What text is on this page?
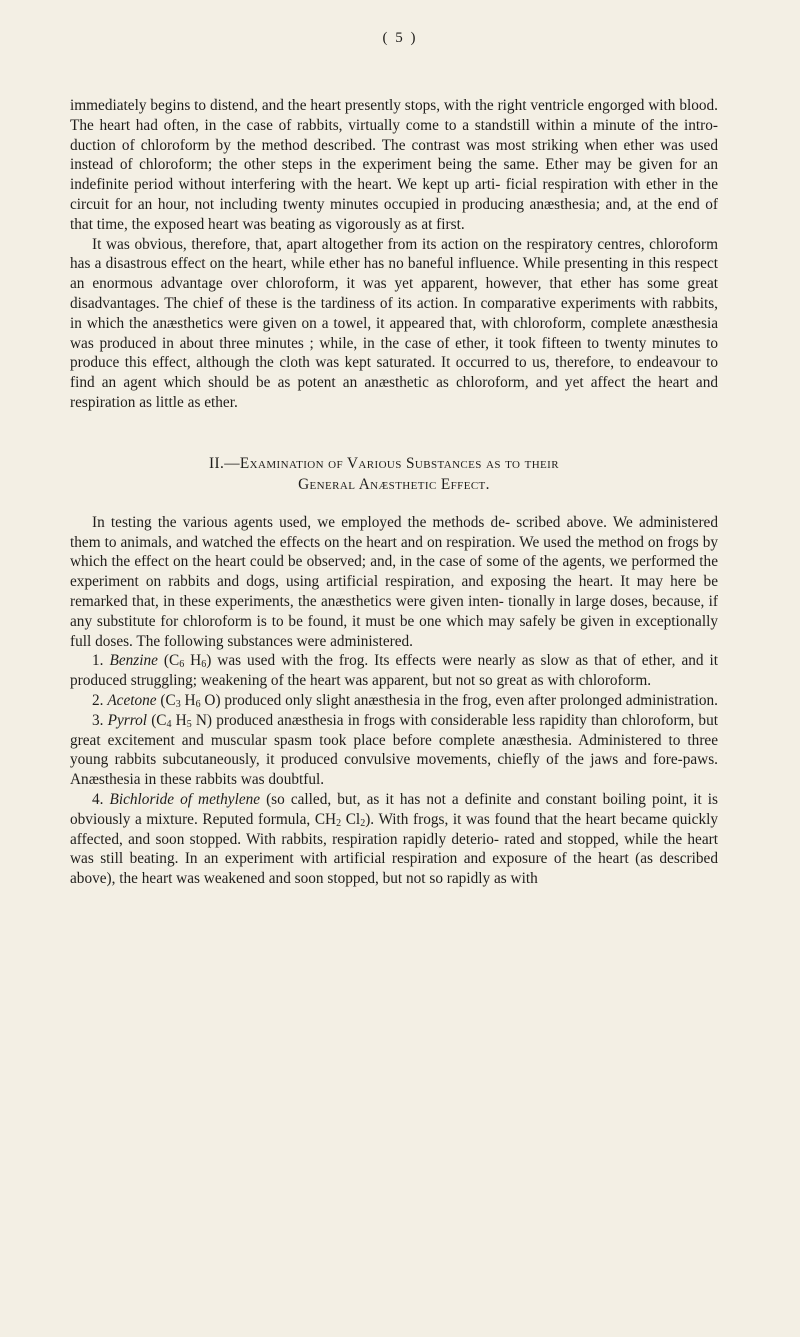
( 5 )

immediately begins to distend, and the heart presently stops, with the right ventricle engorged with blood. The heart had often, in the case of rabbits, virtually come to a standstill within a minute of the intro- duction of chloroform by the method described. The contrast was most striking when ether was used instead of chloroform; the other steps in the experiment being the same. Ether may be given for an indefinite period without interfering with the heart. We kept up arti- ficial respiration with ether in the circuit for an hour, not including twenty minutes occupied in producing anæsthesia; and, at the end of that time, the exposed heart was beating as vigorously as at first.

It was obvious, therefore, that, apart altogether from its action on the respiratory centres, chloroform has a disastrous effect on the heart, while ether has no baneful influence. While presenting in this respect an enormous advantage over chloroform, it was yet apparent, however, that ether has some great disadvantages. The chief of these is the tardiness of its action. In comparative experiments with rabbits, in which the anæsthetics were given on a towel, it appeared that, with chloroform, complete anæsthesia was produced in about three minutes ; while, in the case of ether, it took fifteen to twenty minutes to produce this effect, although the cloth was kept saturated. It occurred to us, therefore, to endeavour to find an agent which should be as potent an anæsthetic as chloroform, and yet affect the heart and respiration as little as ether.

II.—Examination of Various Substances as to their
General Anæsthetic Effect.

In testing the various agents used, we employed the methods de- scribed above. We administered them to animals, and watched the effects on the heart and on respiration. We used the method on frogs by which the effect on the heart could be observed; and, in the case of some of the agents, we performed the experiment on rabbits and dogs, using artificial respiration, and exposing the heart. It may here be remarked that, in these experiments, the anæsthetics were given inten- tionally in large doses, because, if any substitute for chloroform is to be found, it must be one which may safely be given in exceptionally full doses. The following substances were administered.

1. Benzine ($C_6$ $H_6$) was used with the frog. Its effects were nearly as slow as that of ether, and it produced struggling; weakening of the heart was apparent, but not so great as with chloroform.

2. Acetone ($C_3$ $H_6$ O) produced only slight anæsthesia in the frog, even after prolonged administration.

3. Pyrrol ($C_4$ $H_5$ N) produced anæsthesia in frogs with considerable less rapidity than chloroform, but great excitement and muscular spasm took place before complete anæsthesia. Administered to three young rabbits subcutaneously, it produced convulsive movements, chiefly of the jaws and fore-paws. Anæsthesia in these rabbits was doubtful.

4. Bichloride of methylene (so called, but, as it has not a definite and constant boiling point, it is obviously a mixture. Reputed formula, $CH_2$ $Cl_2$). With frogs, it was found that the heart became quickly affected, and soon stopped. With rabbits, respiration rapidly deterio- rated and stopped, while the heart was still beating. In an experiment with artificial respiration and exposure of the heart (as described above), the heart was weakened and soon stopped, but not so rapidly as with
